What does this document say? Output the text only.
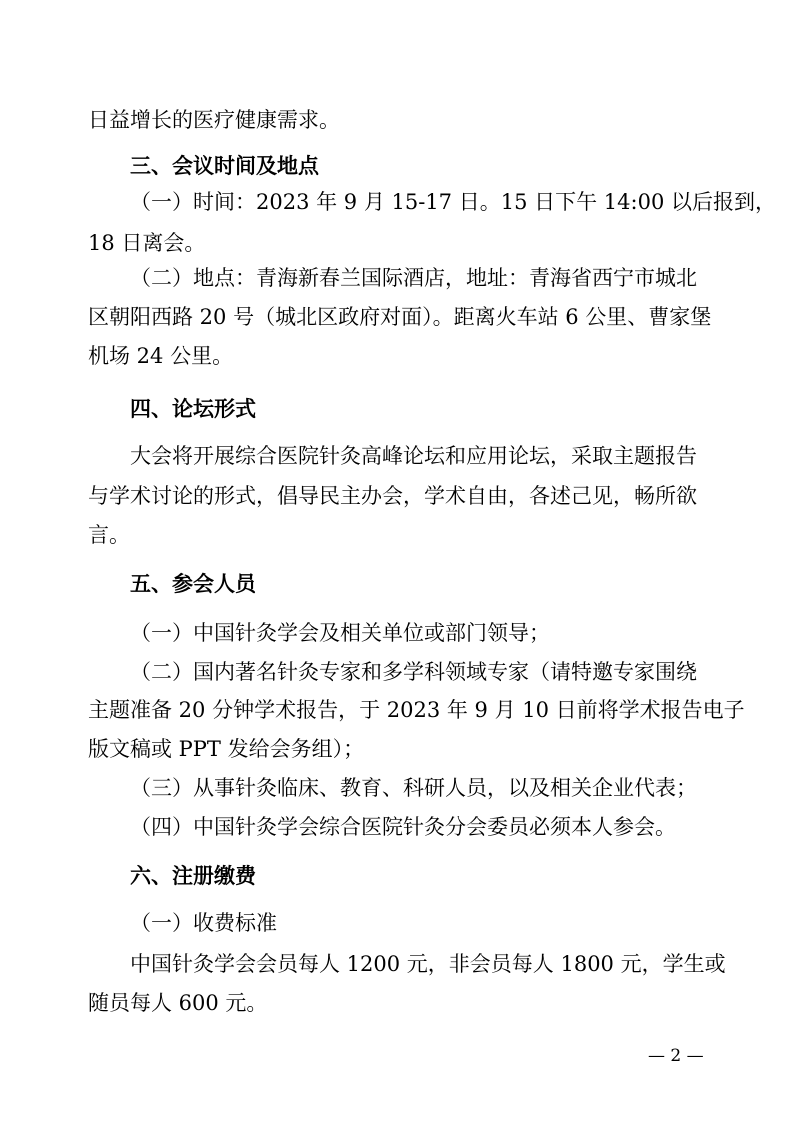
日益增长的医疗健康需求。
三、会议时间及地点
（一）时间：2023 年 9 月 15-17 日。15 日下午 14:00 以后报到，
18 日离会。
（二）地点：青海新春兰国际酒店，地址：青海省西宁市城北
区朝阳西路 20 号（城北区政府对面）。距离火车站 6 公里、曹家堡
机场 24 公里。
四、论坛形式
大会将开展综合医院针灸高峰论坛和应用论坛，采取主题报告
与学术讨论的形式，倡导民主办会，学术自由，各述己见，畅所欲
言。
五、参会人员
（一）中国针灸学会及相关单位或部门领导；
（二）国内著名针灸专家和多学科领域专家（请特邀专家围绕
主题准备 20 分钟学术报告，于 2023 年 9 月 10 日前将学术报告电子
版文稿或 PPT 发给会务组）；
（三）从事针灸临床、教育、科研人员，以及相关企业代表；
（四）中国针灸学会综合医院针灸分会委员必须本人参会。
六、注册缴费
（一）收费标准
中国针灸学会会员每人 1200 元，非会员每人 1800 元，学生或
随员每人 600 元。
— 2 —
